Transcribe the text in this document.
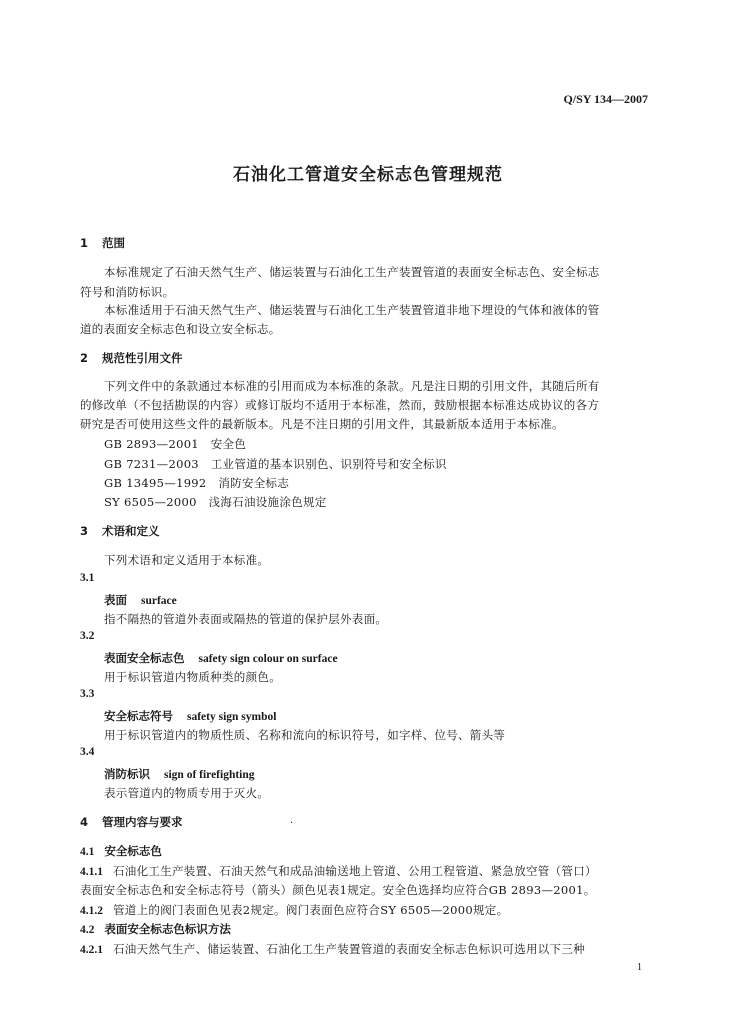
Q/SY 134—2007
石油化工管道安全标志色管理规范
1 范围
本标准规定了石油天然气生产、储运装置与石油化工生产装置管道的表面安全标志色、安全标志
符号和消防标识。
本标准适用于石油天然气生产、储运装置与石油化工生产装置管道非地下埋设的气体和液体的管
道的表面安全标志色和设立安全标志。
2 规范性引用文件
下列文件中的条款通过本标准的引用而成为本标准的条款。凡是注日期的引用文件，其随后所有
的修改单（不包括勘误的内容）或修订版均不适用于本标准，然而，鼓励根据本标准达成协议的各方
研究是否可使用这些文件的最新版本。凡是不注日期的引用文件，其最新版本适用于本标准。
GB 2893—2001　安全色
GB 7231—2003　工业管道的基本识别色、识别符号和安全标识
GB 13495—1992　消防安全标志
SY 6505—2000　浅海石油设施涂色规定
3 术语和定义
下列术语和定义适用于本标准。
3.1
表面 surface
指不隔热的管道外表面或隔热的管道的保护层外表面。
3.2
表面安全标志色 safety sign colour on surface
用于标识管道内物质种类的颜色。
3.3
安全标志符号 safety sign symbol
用于标识管道内的物质性质、名称和流向的标识符号，如字样、位号、箭头等
3.4
消防标识 sign of firefighting
表示管道内的物质专用于灭火。
4 管理内容与要求	·
4.1 安全标志色
4.1.1 石油化工生产装置、石油天然气和成品油输送地上管道、公用工程管道、紧急放空管（管口）
表面安全标志色和安全标志符号（箭头）颜色见表1规定。安全色选择均应符合GB 2893—2001。
4.1.2 管道上的阀门表面色见表2规定。阀门表面色应符合SY 6505—2000规定。
4.2 表面安全标志色标识方法
4.2.1 石油天然气生产、储运装置、石油化工生产装置管道的表面安全标志色标识可选用以下三种
1
